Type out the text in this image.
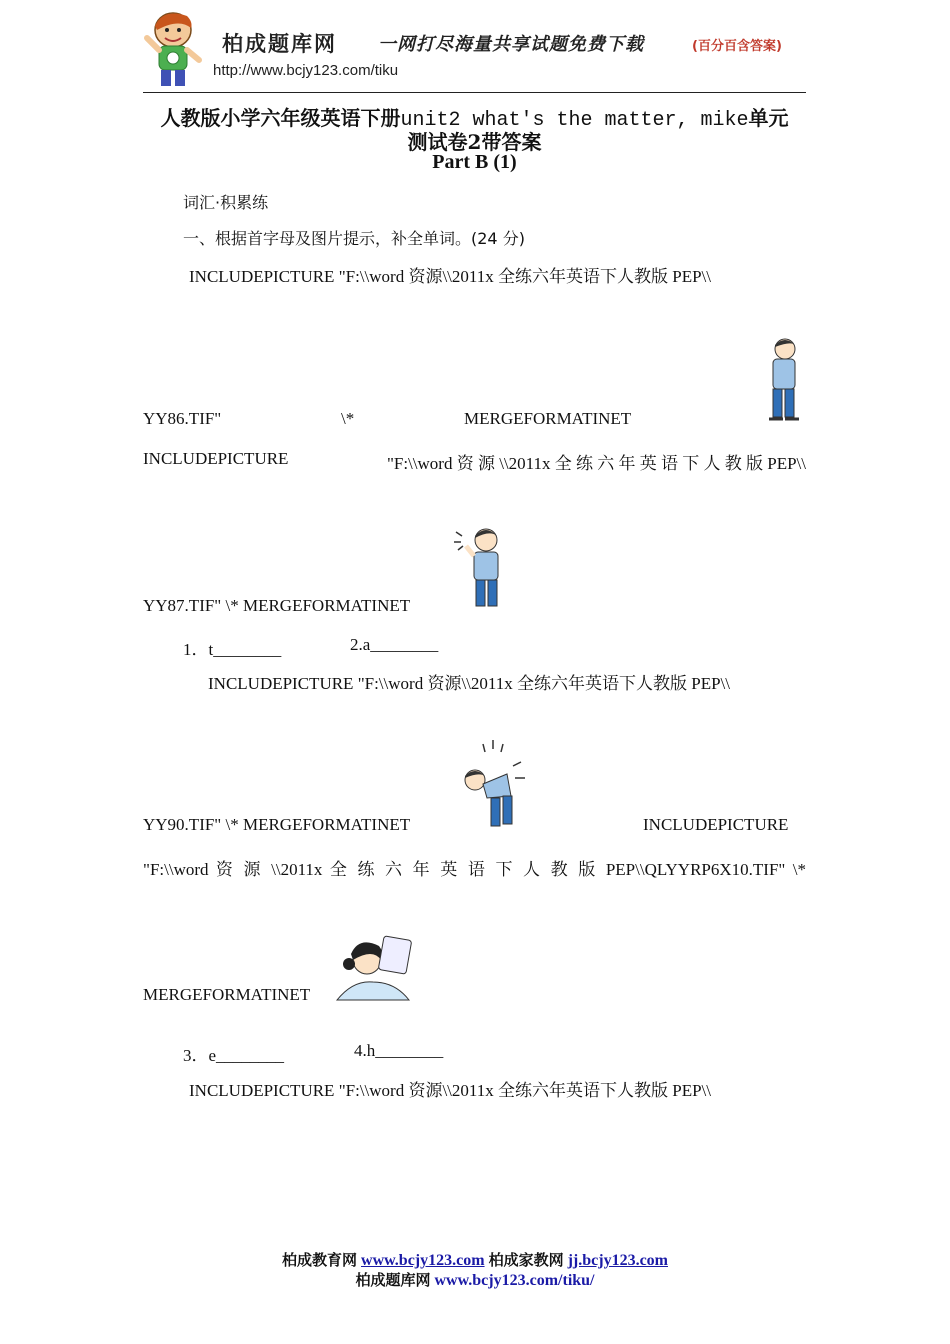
柏成题库网 一网打尽海量共享试题免费下载	(百分百含答案)
http://www.bcjy123.com/tiku
人教版小学六年级英语下册unit2 what's the matter, mike单元
测试卷2带答案
Part B (1)
词汇·积累练
一、根据首字母及图片提示，补全单词。(24 分)
INCLUDEPICTURE "F:\\word 资源\\2011x 全练六年英语下人教版 PEP\\
YY86.TIF"	\*	MERGEFORMATINET
INCLUDEPICTURE	"F:\\word 资 源 \\2011x 全 练 六 年 英 语 下 人 教 版 PEP\\
YY87.TIF" \* MERGEFORMATINET
1．t________	2.a________
INCLUDEPICTURE "F:\\word 资源\\2011x 全练六年英语下人教版 PEP\\
YY90.TIF" \* MERGEFORMATINET	INCLUDEPICTURE
"F:\\word 资 源 \\2011x 全 练 六 年 英 语 下 人 教 版 PEP\\QLYYRP6X10.TIF" \*
MERGEFORMATINET
3．e________	4.h________
INCLUDEPICTURE "F:\\word 资源\\2011x 全练六年英语下人教版 PEP\\
柏成教育网 www.bcjy123.com 柏成家教网 jj.bcjy123.com
柏成题库网 www.bcjy123.com/tiku/
